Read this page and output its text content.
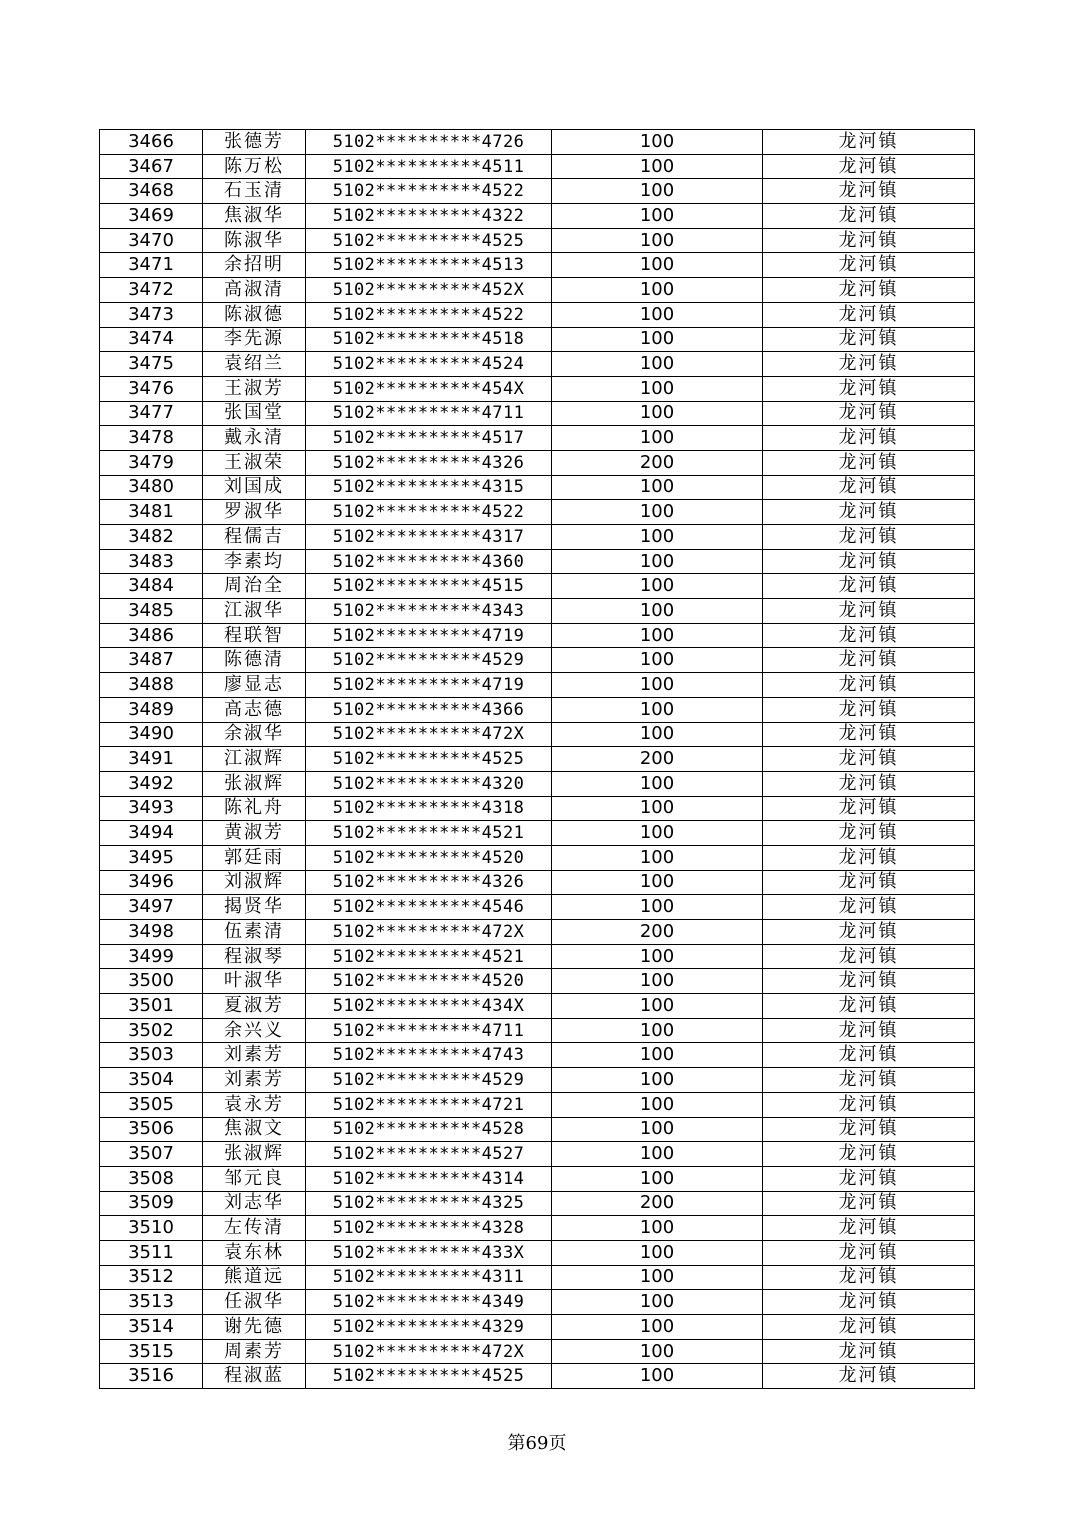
3466	张德芳	5102**********4726	100	龙河镇
3467	陈万松	5102**********4511	100	龙河镇
3468	石玉清	5102**********4522	100	龙河镇
3469	焦淑华	5102**********4322	100	龙河镇
3470	陈淑华	5102**********4525	100	龙河镇
3471	余招明	5102**********4513	100	龙河镇
3472	高淑清	5102**********452X	100	龙河镇
3473	陈淑德	5102**********4522	100	龙河镇
3474	李先源	5102**********4518	100	龙河镇
3475	袁绍兰	5102**********4524	100	龙河镇
3476	王淑芳	5102**********454X	100	龙河镇
3477	张国堂	5102**********4711	100	龙河镇
3478	戴永清	5102**********4517	100	龙河镇
3479	王淑荣	5102**********4326	200	龙河镇
3480	刘国成	5102**********4315	100	龙河镇
3481	罗淑华	5102**********4522	100	龙河镇
3482	程儒吉	5102**********4317	100	龙河镇
3483	李素均	5102**********4360	100	龙河镇
3484	周治全	5102**********4515	100	龙河镇
3485	江淑华	5102**********4343	100	龙河镇
3486	程联智	5102**********4719	100	龙河镇
3487	陈德清	5102**********4529	100	龙河镇
3488	廖显志	5102**********4719	100	龙河镇
3489	高志德	5102**********4366	100	龙河镇
3490	余淑华	5102**********472X	100	龙河镇
3491	江淑辉	5102**********4525	200	龙河镇
3492	张淑辉	5102**********4320	100	龙河镇
3493	陈礼舟	5102**********4318	100	龙河镇
3494	黄淑芳	5102**********4521	100	龙河镇
3495	郭廷雨	5102**********4520	100	龙河镇
3496	刘淑辉	5102**********4326	100	龙河镇
3497	揭贤华	5102**********4546	100	龙河镇
3498	伍素清	5102**********472X	200	龙河镇
3499	程淑琴	5102**********4521	100	龙河镇
3500	叶淑华	5102**********4520	100	龙河镇
3501	夏淑芳	5102**********434X	100	龙河镇
3502	余兴义	5102**********4711	100	龙河镇
3503	刘素芳	5102**********4743	100	龙河镇
3504	刘素芳	5102**********4529	100	龙河镇
3505	袁永芳	5102**********4721	100	龙河镇
3506	焦淑文	5102**********4528	100	龙河镇
3507	张淑辉	5102**********4527	100	龙河镇
3508	邹元良	5102**********4314	100	龙河镇
3509	刘志华	5102**********4325	200	龙河镇
3510	左传清	5102**********4328	100	龙河镇
3511	袁东林	5102**********433X	100	龙河镇
3512	熊道远	5102**********4311	100	龙河镇
3513	任淑华	5102**********4349	100	龙河镇
3514	谢先德	5102**********4329	100	龙河镇
3515	周素芳	5102**********472X	100	龙河镇
3516	程淑蓝	5102**********4525	100	龙河镇
第69页
